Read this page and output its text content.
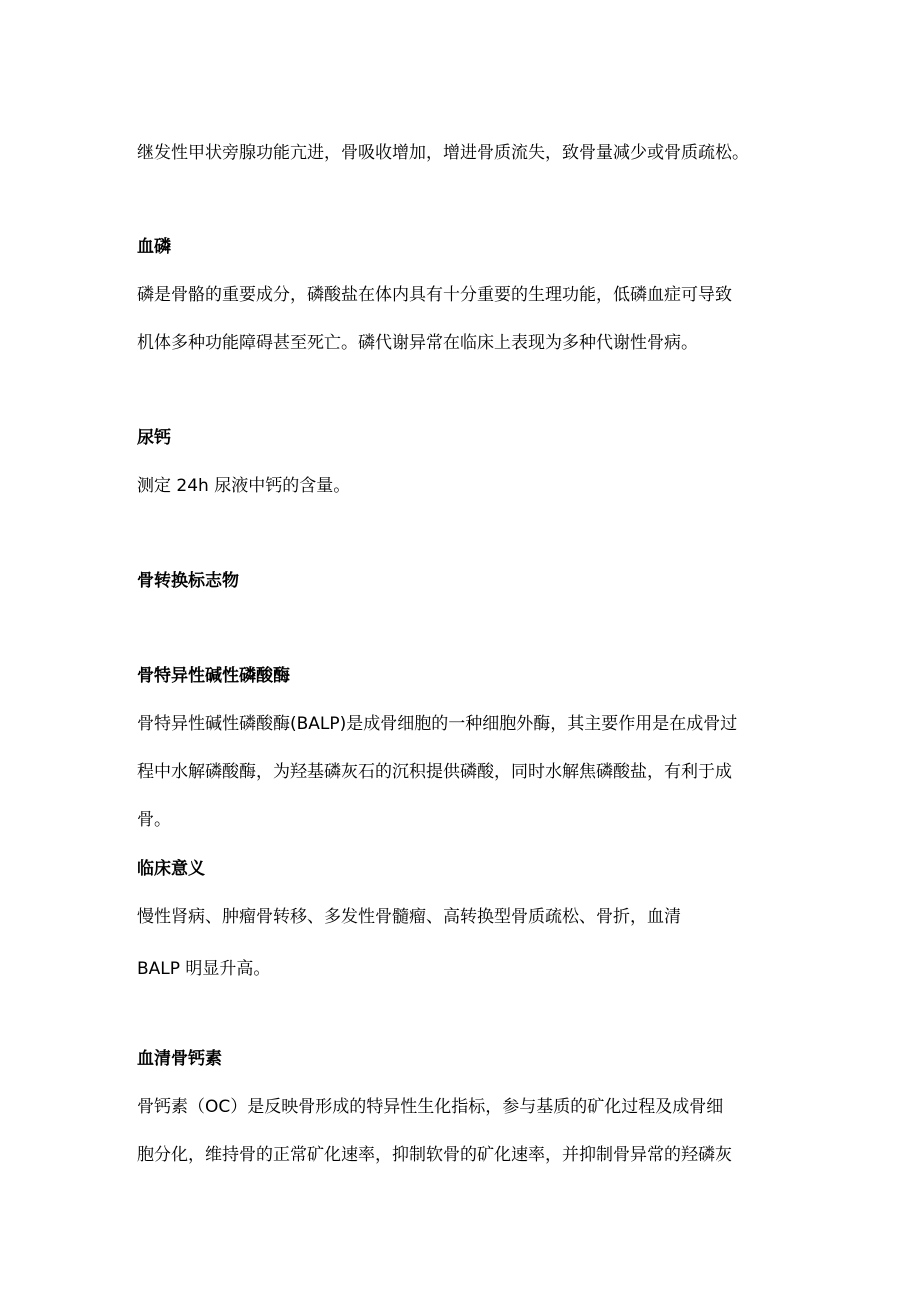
继发性甲状旁腺功能亢进，骨吸收增加，增进骨质流失，致骨量减少或骨质疏松。

血磷

磷是骨骼的重要成分，磷酸盐在体内具有十分重要的生理功能，低磷血症可导致

机体多种功能障碍甚至死亡。磷代谢异常在临床上表现为多种代谢性骨病。

尿钙

测定 24h 尿液中钙的含量。

骨转换标志物

骨特异性碱性磷酸酶

骨特异性碱性磷酸酶(BALP)是成骨细胞的一种细胞外酶，其主要作用是在成骨过

程中水解磷酸酶，为羟基磷灰石的沉积提供磷酸，同时水解焦磷酸盐，有利于成

骨。

临床意义

慢性肾病、肿瘤骨转移、多发性骨髓瘤、高转换型骨质疏松、骨折，血清

BALP 明显升高。

血清骨钙素

骨钙素（OC）是反映骨形成的特异性生化指标，参与基质的矿化过程及成骨细

胞分化，维持骨的正常矿化速率，抑制软骨的矿化速率，并抑制骨异常的羟磷灰
